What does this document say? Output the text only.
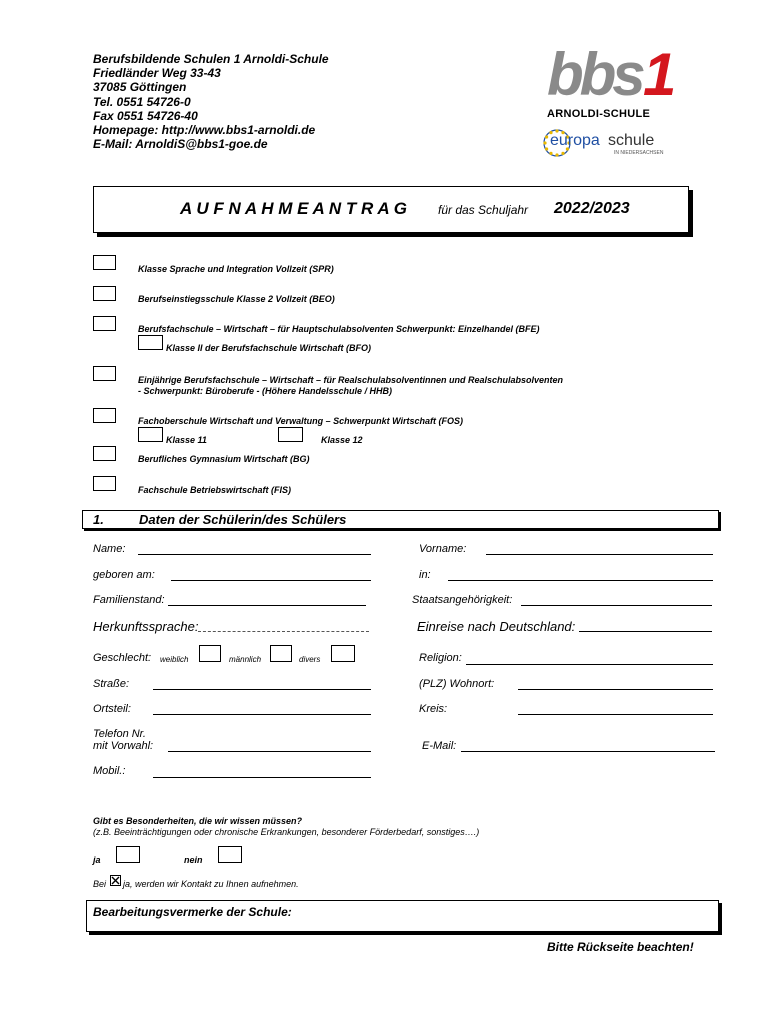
Berufsbildende Schulen 1 Arnoldi-Schule
Friedländer Weg 33-43
37085 Göttingen
Tel. 0551 54726-0
Fax 0551 54726-40
Homepage: http://www.bbs1-arnoldi.de
E-Mail: ArnoldiS@bbs1-goe.de
bbs 1
ARNOLDI-SCHULE
europa schule
IN NIEDERSACHSEN
A U F N A H M E A N T R A G	für das Schuljahr 2022/2023
Klasse Sprache und Integration Vollzeit (SPR)
Berufseinstiegsschule Klasse 2 Vollzeit (BEO)
Berufsfachschule – Wirtschaft – für Hauptschulabsolventen Schwerpunkt: Einzelhandel (BFE)
Klasse II der Berufsfachschule Wirtschaft (BFO)
Einjährige Berufsfachschule – Wirtschaft – für Realschulabsolventinnen und Realschulabsolventen
- Schwerpunkt: Büroberufe - (Höhere Handelsschule / HHB)
Fachoberschule Wirtschaft und Verwaltung – Schwerpunkt Wirtschaft (FOS)
Klasse 11	Klasse 12
Berufliches Gymnasium Wirtschaft (BG)
Fachschule Betriebswirtschaft (FIS)
1.	Daten der Schülerin/des Schülers
Name:	Vorname:
geboren am:	in:
Familienstand:	Staatsangehörigkeit:
Herkunftssprache:	Einreise nach Deutschland:
Geschlecht: weiblich	männlich	divers	Religion:
Straße:	(PLZ) Wohnort:
Ortsteil:	Kreis:
Telefon Nr.
mit Vorwahl:	E-Mail:
Mobil.:
Gibt es Besonderheiten, die wir wissen müssen?
(z.B. Beeinträchtigungen oder chronische Erkrankungen, besonderer Förderbedarf, sonstiges….)
ja	nein
Bei ja, werden wir Kontakt zu Ihnen aufnehmen.
Bearbeitungsvermerke der Schule:
Bitte Rückseite beachten!
